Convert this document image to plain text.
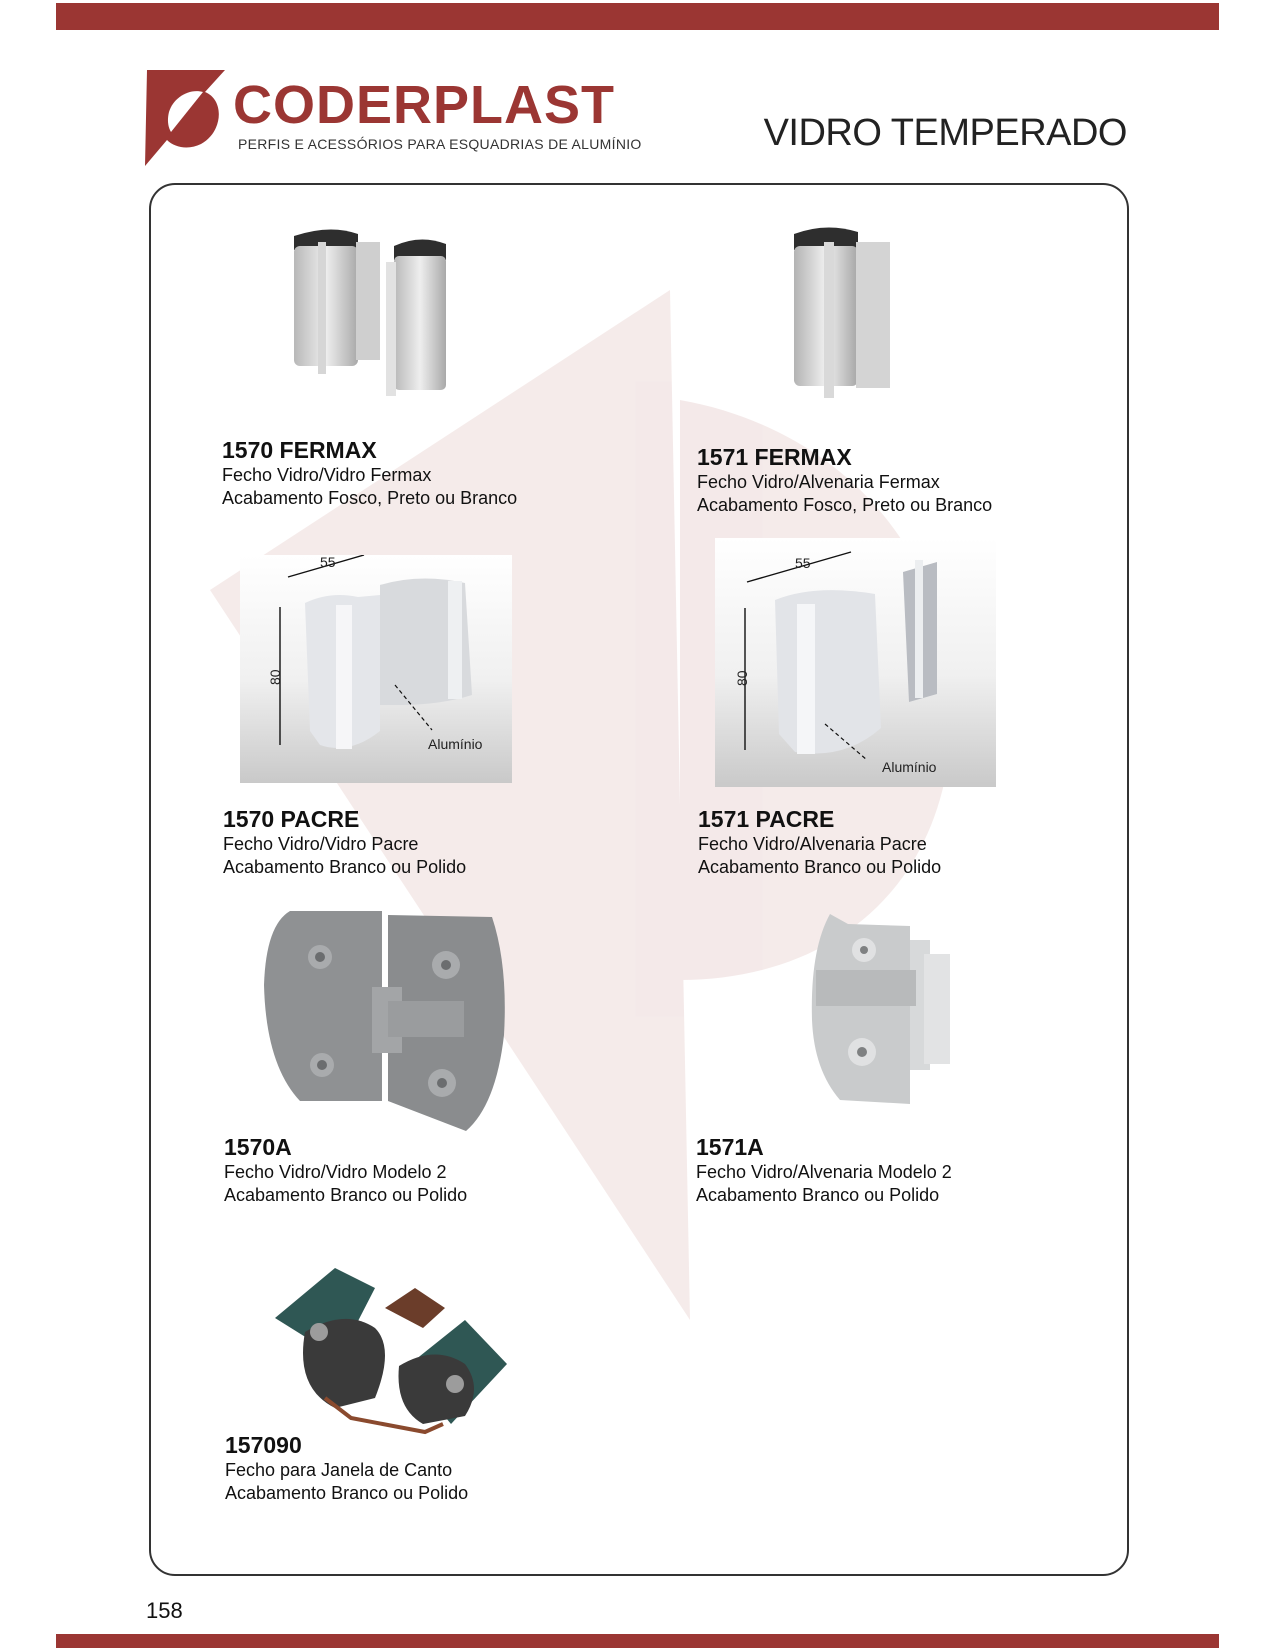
CODERPLAST
PERFIS E ACESSÓRIOS PARA ESQUADRIAS DE ALUMÍNIO	VIDRO TEMPERADO
1570 FERMAX
Fecho Vidro/Vidro Fermax
Acabamento Fosco, Preto ou Branco
1571 FERMAX
Fecho Vidro/Alvenaria Fermax
Acabamento Fosco, Preto ou Branco
55
80
Alumínio
1570 PACRE
Fecho Vidro/Vidro Pacre
Acabamento Branco ou Polido
55
80
Alumínio
1571 PACRE
Fecho Vidro/Alvenaria Pacre
Acabamento Branco ou Polido
1570A
Fecho Vidro/Vidro Modelo 2
Acabamento Branco ou Polido
1571A
Fecho Vidro/Alvenaria Modelo 2
Acabamento Branco ou Polido
157090
Fecho para Janela de Canto
Acabamento Branco ou Polido
158
